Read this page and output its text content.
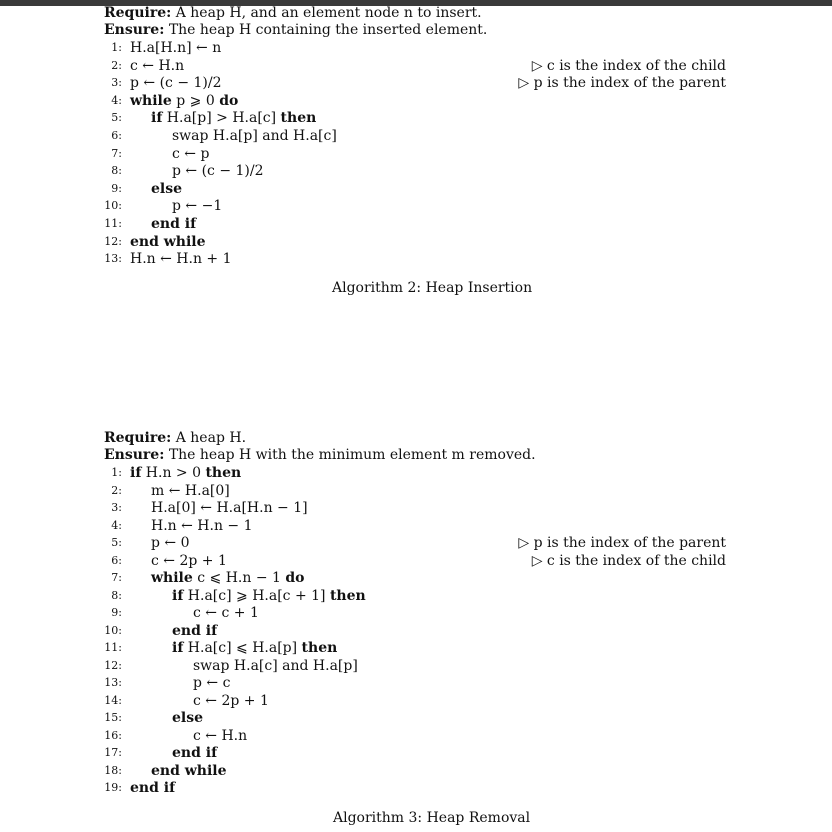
Require: A heap H, and an element node n to insert.
Ensure: The heap H containing the inserted element.
1: H.a[H.n] ← n
2: c ← H.n
3: p ← (c − 1)/2
4: while p ⩾ 0 do
5: if H.a[p] > H.a[c] then
6:	swap H.a[p] and H.a[c]
7:	c ← p
8:	p ← (c − 1)/2
9: else
10:	p ← −1
11: end if
12: end while
13: H.n ← H.n + 1
▷ c is the index of the child
▷ p is the index of the parent
Algorithm 2: Heap Insertion
Require: A heap H.
Ensure: The heap H with the minimum element m removed.
1: if H.n > 0 then
2: m ← H.a[0]
3: H.a[0] ← H.a[H.n − 1]
4: H.n ← H.n − 1
5: p ← 0
6: c ← 2p + 1
7: while c ⩽ H.n − 1 do
8:	if H.a[c] ⩾ H.a[c + 1] then
9:	c ← c + 1
10:	end if
11:	if H.a[c] ⩽ H.a[p] then
12:	swap H.a[c] and H.a[p]
13:	p ← c
14:	c ← 2p + 1
15:	else
16:	c ← H.n
17:	end if
18: end while
19: end if
▷ p is the index of the parent
▷ c is the index of the child
Algorithm 3: Heap Removal
